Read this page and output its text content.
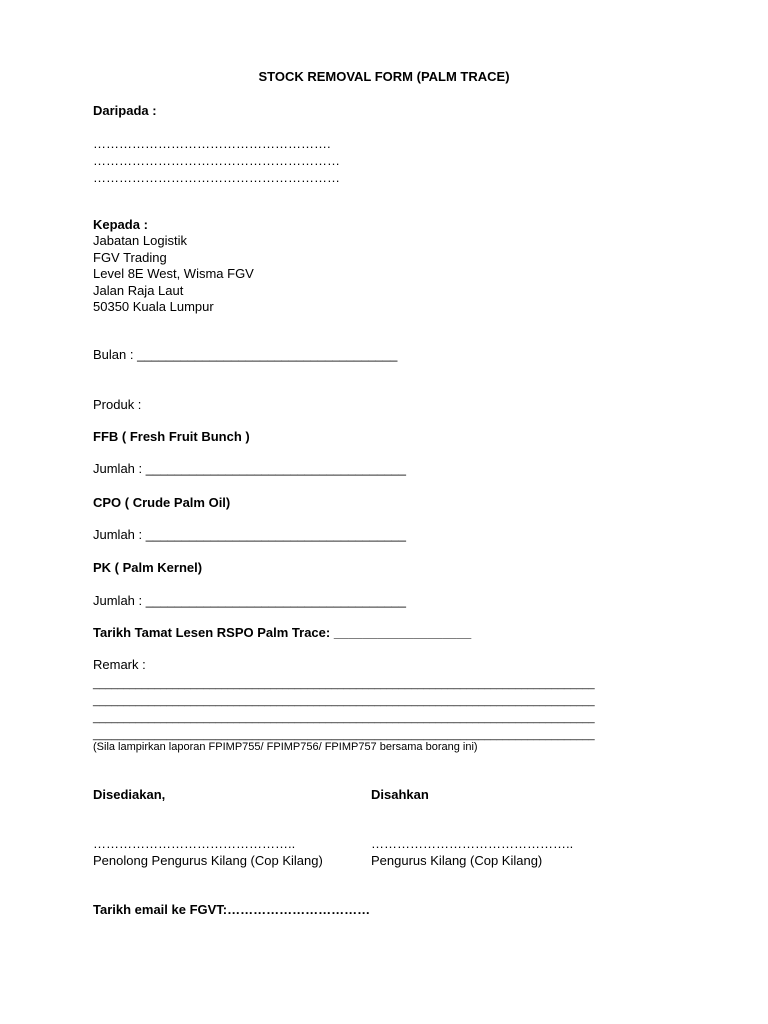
STOCK REMOVAL FORM (PALM TRACE)
Daripada :
……………………………………………….
…………………………………………………
…………………………………………………
Kepada :
Jabatan Logistik
FGV Trading
Level 8E West, Wisma FGV
Jalan Raja Laut
50350 Kuala Lumpur
Bulan : ____________________________________
Produk :
FFB ( Fresh Fruit Bunch )
Jumlah : ____________________________________
CPO ( Crude Palm Oil)
Jumlah : ____________________________________
PK ( Palm Kernel)
Jumlah : ____________________________________
Tarikh Tamat Lesen RSPO Palm Trace: ___________________
Remark :
__________________________________________________________________________________
__________________________________________________________________________________
__________________________________________________________________________________
__________________________________________________________________________________
(Sila lampirkan laporan FPIMP755/ FPIMP756/ FPIMP757 bersama borang ini)
Disediakan,	Disahkan
………………………………………..	………………………………………..
Penolong Pengurus Kilang (Cop Kilang)	Pengurus Kilang (Cop Kilang)
Tarikh email ke FGVT:……………………………
